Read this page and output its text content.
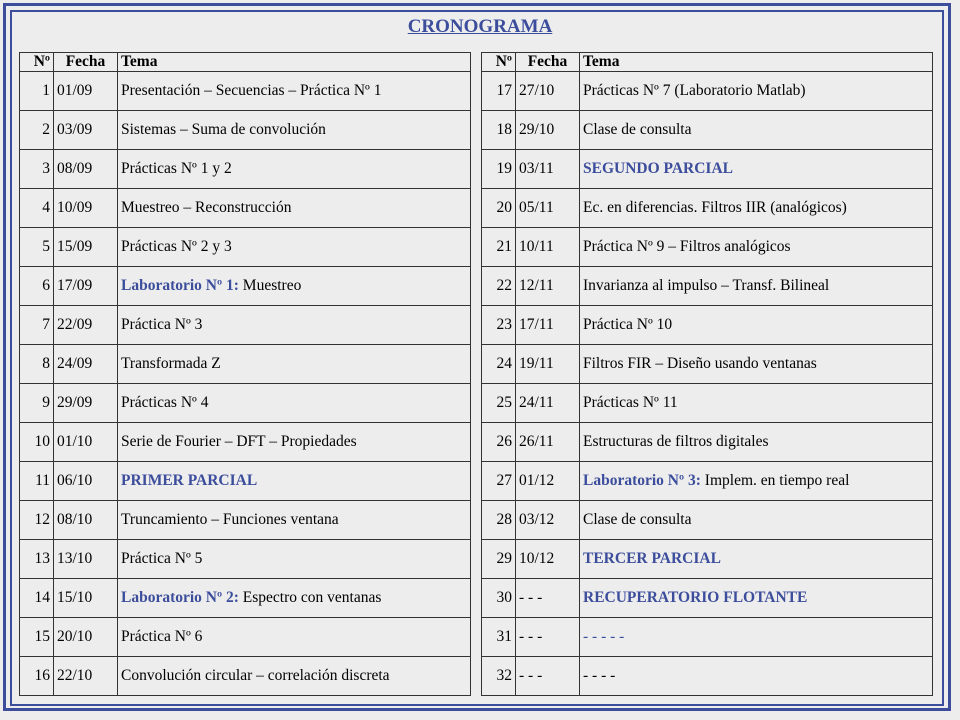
CRONOGRAMA
Nº	Fecha	Tema
1	01/09	Presentación – Secuencias – Práctica Nº 1
2	03/09	Sistemas – Suma de convolución
3	08/09	Prácticas Nº 1 y 2
4	10/09	Muestreo – Reconstrucción
5	15/09	Prácticas Nº 2 y 3
6	17/09	Laboratorio Nº 1: Muestreo
7	22/09	Práctica Nº 3
8	24/09	Transformada Z
9	29/09	Prácticas Nº 4
10	01/10	Serie de Fourier – DFT – Propiedades
11	06/10	PRIMER PARCIAL
12	08/10	Truncamiento – Funciones ventana
13	13/10	Práctica Nº 5
14	15/10	Laboratorio Nº 2: Espectro con ventanas
15	20/10	Práctica Nº 6
16	22/10	Convolución circular – correlación discreta
Nº	Fecha	Tema
17	27/10	Prácticas Nº 7 (Laboratorio Matlab)
18	29/10	Clase de consulta
19	03/11	SEGUNDO PARCIAL
20	05/11	Ec. en diferencias. Filtros IIR (analógicos)
21	10/11	Práctica Nº 9 – Filtros analógicos
22	12/11	Invarianza al impulso – Transf. Bilineal
23	17/11	Práctica Nº 10
24	19/11	Filtros FIR – Diseño usando ventanas
25	24/11	Prácticas Nº 11
26	26/11	Estructuras de filtros digitales
27	01/12	Laboratorio Nº 3: Implem. en tiempo real
28	03/12	Clase de consulta
29	10/12	TERCER PARCIAL
30	- - -	RECUPERATORIO FLOTANTE
31	- - -	- - - - -
32	- - -	- - - -
